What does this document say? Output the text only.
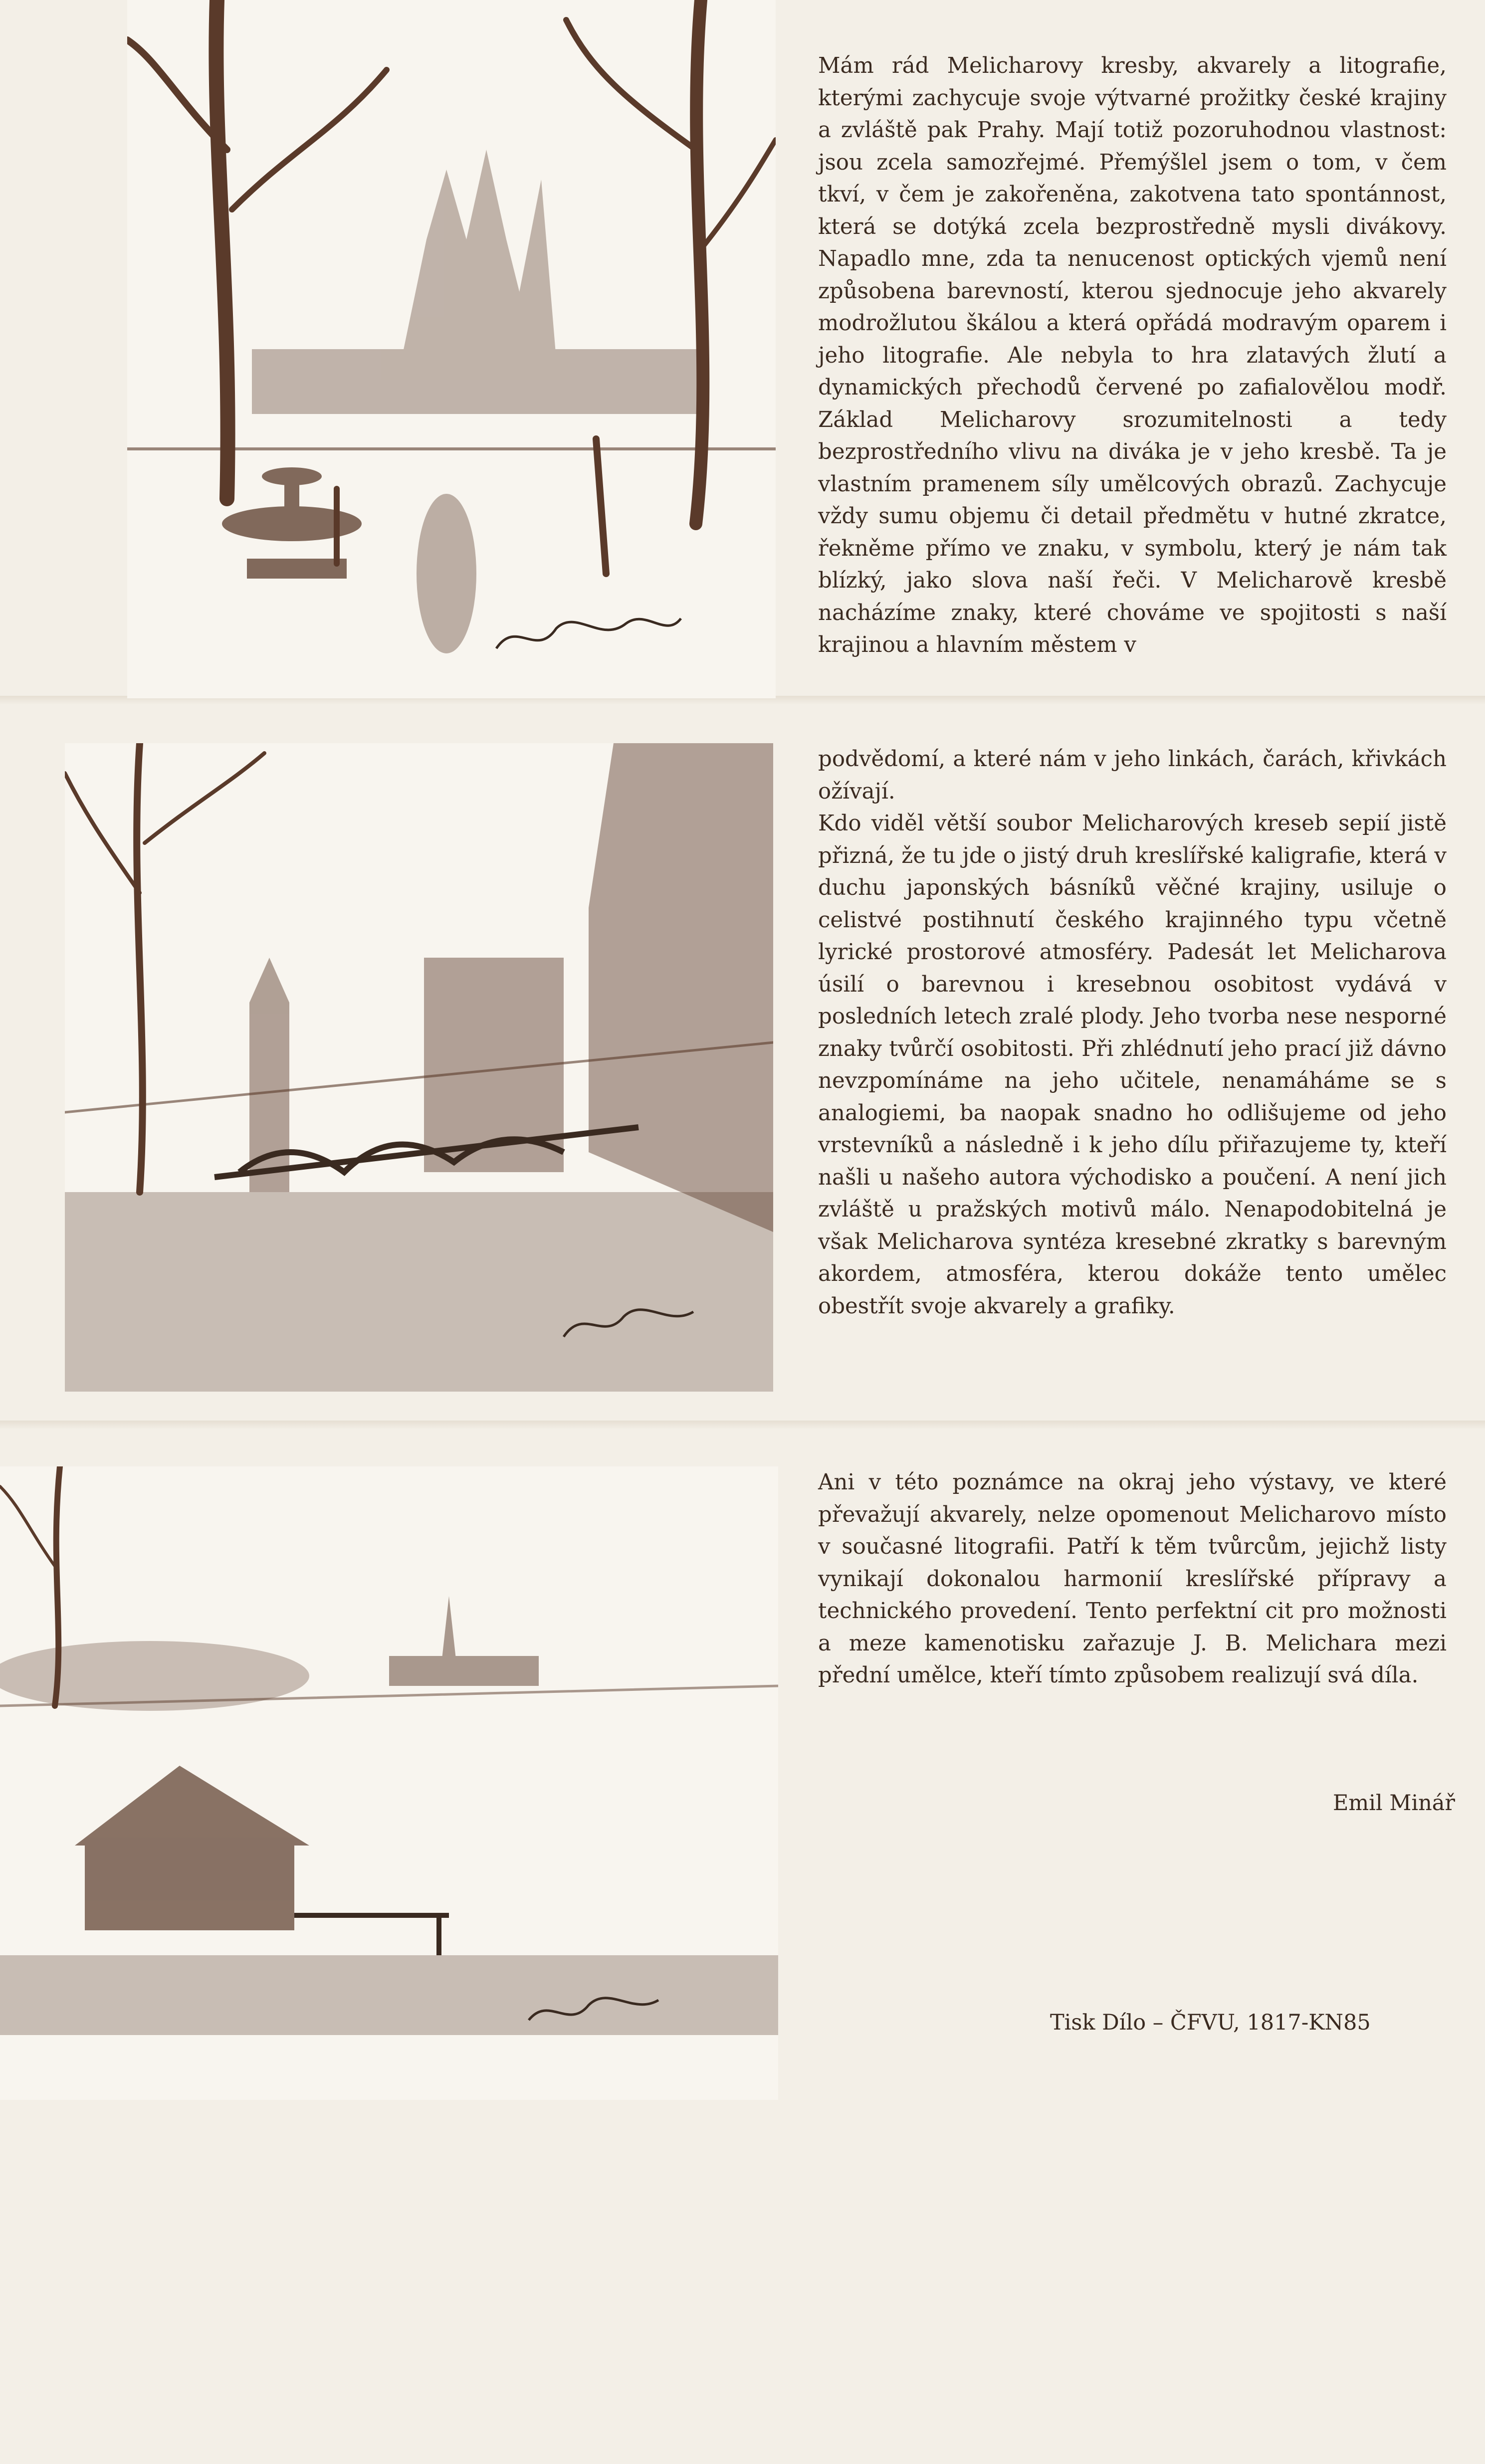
Mám rád Melicharovy kresby, akvarely a litografie, kterými zachycuje svoje výtvarné prožitky české krajiny a zvláště pak Prahy. Mají totiž pozoruhodnou vlastnost: jsou zcela samozřejmé. Přemýšlel jsem o tom, v čem tkví, v čem je zakořeněna, zakotvena tato spontánnost, která se dotýká zcela bezprostředně mysli divákovy. Napadlo mne, zda ta nenucenost optických vjemů není způsobena barevností, kterou sjednocuje jeho akvarely modrožlutou škálou a která opřádá modravým oparem i jeho litografie. Ale nebyla to hra zlatavých žlutí a dynamických přechodů červené po zafialovělou modř. Základ Melicharovy srozumitelnosti a tedy bezprostředního vlivu na diváka je v jeho kresbě. Ta je vlastním pramenem síly umělcových obrazů. Zachycuje vždy sumu objemu či detail předmětu v hutné zkratce, řekněme přímo ve znaku, v symbolu, který je nám tak blízký, jako slova naší řeči. V Melicharově kresbě nacházíme znaky, které chováme ve spojitosti s naší krajinou a hlavním městem v

podvědomí, a které nám v jeho linkách, čarách, křivkách ožívají.

Kdo viděl větší soubor Melicharových kreseb sepií jistě přizná, že tu jde o jistý druh kreslířské kaligrafie, která v duchu japonských básníků věčné krajiny, usiluje o celistvé postihnutí českého krajinného typu včetně lyrické prostorové atmosféry. Padesát let Melicharova úsilí o barevnou i kresebnou osobitost vydává v posledních letech zralé plody. Jeho tvorba nese nesporné znaky tvůrčí osobitosti. Při zhlédnutí jeho prací již dávno nevzpomínáme na jeho učitele, nenamáháme se s analogiemi, ba naopak snadno ho odlišujeme od jeho vrstevníků a následně i k jeho dílu přiřazujeme ty, kteří našli u našeho autora východisko a poučení. A není jich zvláště u pražských motivů málo. Nenapodobitelná je však Melicharova syntéza kresebné zkratky s barevným akordem, atmosféra, kterou dokáže tento umělec obestřít svoje akvarely a grafiky.

Ani v této poznámce na okraj jeho výstavy, ve které převažují akvarely, nelze opomenout Melicharovo místo v současné litografii. Patří k těm tvůrcům, jejichž listy vynikají dokonalou harmonií kreslířské přípravy a technického provedení. Tento perfektní cit pro možnosti a meze kamenotisku zařazuje J. B. Melichara mezi přední umělce, kteří tímto způsobem realizují svá díla.

Emil Minář
Tisk Dílo – ČFVU, 1817-KN85
